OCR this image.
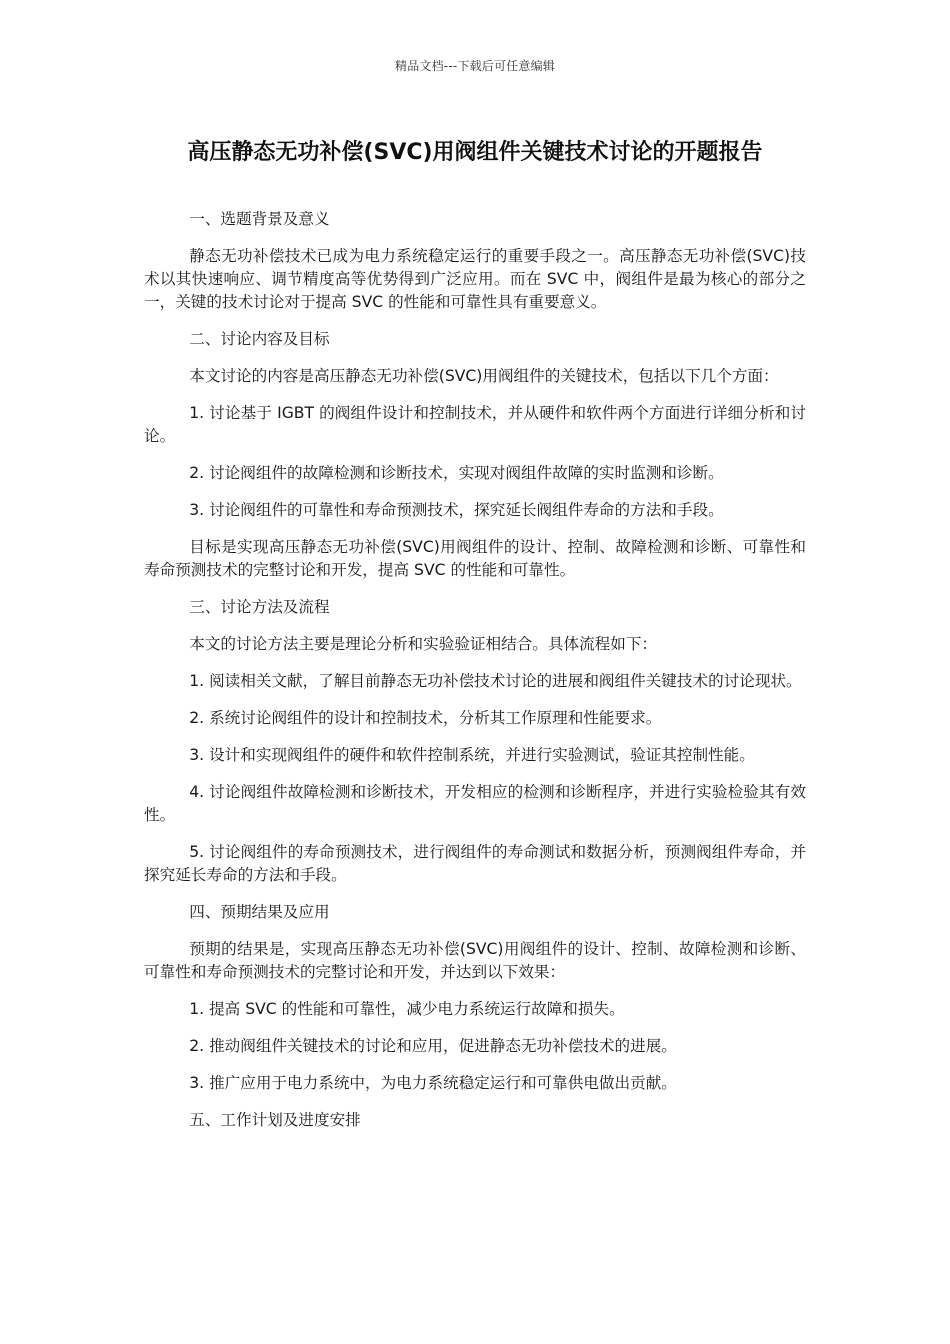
精品文档---下载后可任意编辑
高压静态无功补偿(SVC)用阀组件关键技术讨论的开题报告

一、选题背景及意义

静态无功补偿技术已成为电力系统稳定运行的重要手段之一。高压静态无功补偿(SVC)技术以其快速响应、调节精度高等优势得到广泛应用。而在 SVC 中，阀组件是最为核心的部分之一，关键的技术讨论对于提高 SVC 的性能和可靠性具有重要意义。

二、讨论内容及目标

本文讨论的内容是高压静态无功补偿(SVC)用阀组件的关键技术，包括以下几个方面：

1. 讨论基于 IGBT 的阀组件设计和控制技术，并从硬件和软件两个方面进行详细分析和讨论。

2. 讨论阀组件的故障检测和诊断技术，实现对阀组件故障的实时监测和诊断。

3. 讨论阀组件的可靠性和寿命预测技术，探究延长阀组件寿命的方法和手段。

目标是实现高压静态无功补偿(SVC)用阀组件的设计、控制、故障检测和诊断、可靠性和寿命预测技术的完整讨论和开发，提高 SVC 的性能和可靠性。

三、讨论方法及流程

本文的讨论方法主要是理论分析和实验验证相结合。具体流程如下：

1. 阅读相关文献，了解目前静态无功补偿技术讨论的进展和阀组件关键技术的讨论现状。

2. 系统讨论阀组件的设计和控制技术，分析其工作原理和性能要求。

3. 设计和实现阀组件的硬件和软件控制系统，并进行实验测试，验证其控制性能。

4. 讨论阀组件故障检测和诊断技术，开发相应的检测和诊断程序，并进行实验检验其有效性。

5. 讨论阀组件的寿命预测技术，进行阀组件的寿命测试和数据分析，预测阀组件寿命，并探究延长寿命的方法和手段。

四、预期结果及应用

预期的结果是，实现高压静态无功补偿(SVC)用阀组件的设计、控制、故障检测和诊断、可靠性和寿命预测技术的完整讨论和开发，并达到以下效果：

1. 提高 SVC 的性能和可靠性，减少电力系统运行故障和损失。

2. 推动阀组件关键技术的讨论和应用，促进静态无功补偿技术的进展。

3. 推广应用于电力系统中，为电力系统稳定运行和可靠供电做出贡献。

五、工作计划及进度安排
